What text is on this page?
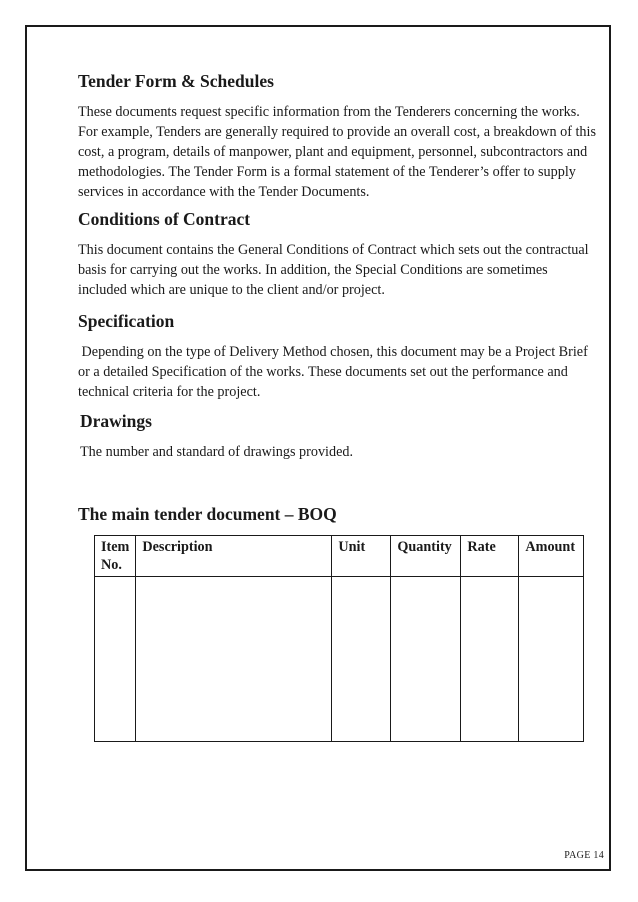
Tender Form & Schedules

These documents request specific information from the Tenderers concerning the works. For example, Tenders are generally required to provide an overall cost, a breakdown of this cost, a program, details of manpower, plant and equipment, personnel, subcontractors and methodologies. The Tender Form is a formal statement of the Tenderer’s offer to supply services in accordance with the Tender Documents.

Conditions of Contract

This document contains the General Conditions of Contract which sets out the contractual basis for carrying out the works. In addition, the Special Conditions are sometimes included which are unique to the client and/or project.

Specification

Depending on the type of Delivery Method chosen, this document may be a Project Brief or a detailed Specification of the works. These documents set out the performance and technical criteria for the project.

Drawings

The number and standard of drawings provided.

The main tender document – BOQ
Item No.	Description	Unit	Quantity	Rate	Amount

PAGE 14
